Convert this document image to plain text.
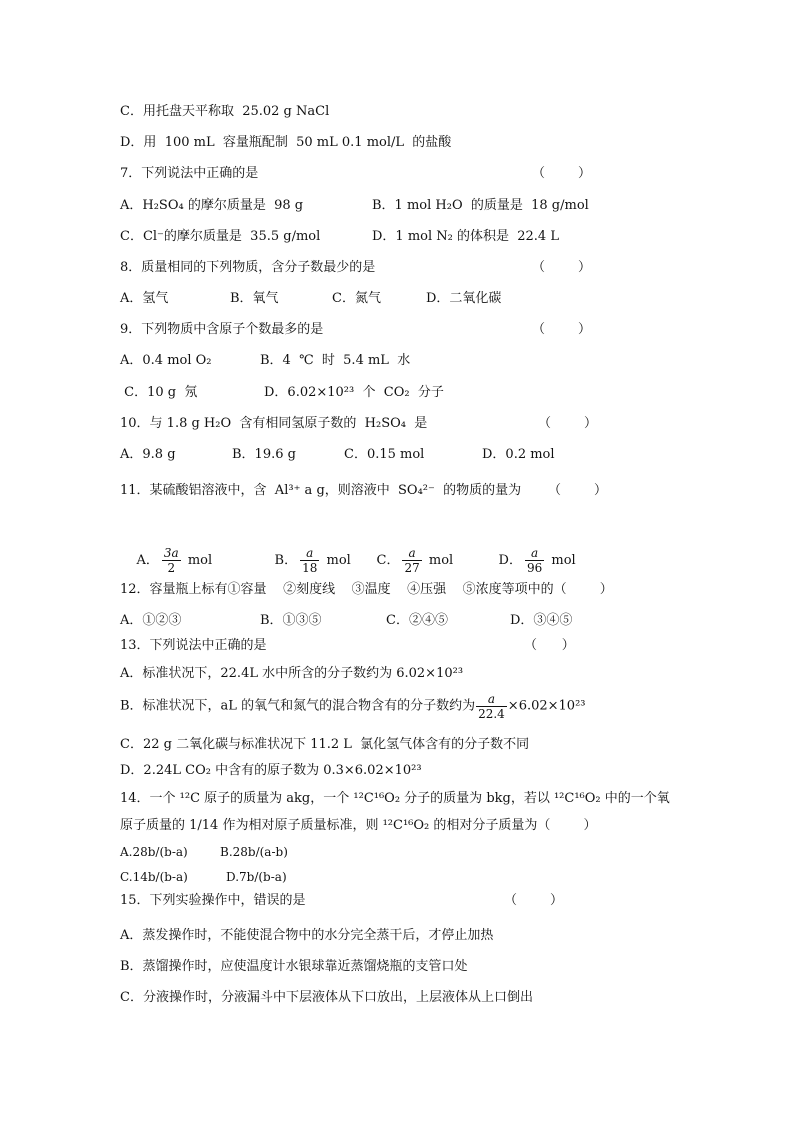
C．用托盘天平称取  25.02 g NaCl
D．用  100 mL  容量瓶配制  50 mL 0.1 mol/L  的盐酸
7．下列说法中正确的是	（        ）
A．H₂SO₄ 的摩尔质量是  98 g	B．1 mol H₂O  的质量是  18 g/mol
C．Cl⁻的摩尔质量是  35.5 g/mol	D．1 mol N₂ 的体积是  22.4 L
8．质量相同的下列物质，含分子数最少的是	（        ）
A．氢气	B．氧气	C．氮气	D．二氧化碳
9．下列物质中含原子个数最多的是	（        ）
A．0.4 mol O₂	B．4  ℃  时  5.4 mL  水
C．10 g  氖	D．6.02×10²³  个  CO₂  分子
10．与 1.8 g H₂O  含有相同氢原子数的  H₂SO₄  是	（        ）
A．9.8 g	B．19.6 g	C．0.15 mol	D．0.2 mol
11．某硫酸铝溶液中，含  Al³⁺ a g，则溶液中  SO₄²⁻  的物质的量为 （        ）

A． $\frac{3a}{2}$ mol
	B． $\frac{a}{18}$ mol
	C． $\frac{a}{27}$ mol
	D． $\frac{a}{96}$ mol

12．容量瓶上标有①容量    ②刻度线    ③温度    ④压强    ⑤浓度等项中的（        ）
A．①②③	B．①③⑤	C．②④⑤	D．③④⑤
13．下列说法中正确的是	（      ）
A．标准状况下，22.4L 水中所含的分子数约为 6.02×10²³
B．标准状况下，aL 的氧气和氮气的混合物含有的分子数约为 $\frac{a}{22.4} \times 6.02\times 10^{23}$
C．22 g 二氧化碳与标准状况下 11.2 L  氯化氢气体含有的分子数不同
D．2.24L CO₂ 中含有的原子数为 0.3×6.02×10²³
14．一个 ¹²C 原子的质量为 akg，一个 ¹²C¹⁶O₂ 分子的质量为 bkg，若以 ¹²C¹⁶O₂ 中的一个氧
原子质量的 1/14 作为相对原子质量标准，则 ¹²C¹⁶O₂ 的相对分子质量为（        ）
A.28b/(b-a)	B.28b/(a-b)
C.14b/(b-a)	D.7b/(b-a)
15．下列实验操作中，错误的是	（        ）
A．蒸发操作时，不能使混合物中的水分完全蒸干后，才停止加热
B．蒸馏操作时，应使温度计水银球靠近蒸馏烧瓶的支管口处
C．分液操作时，分液漏斗中下层液体从下口放出，上层液体从上口倒出
